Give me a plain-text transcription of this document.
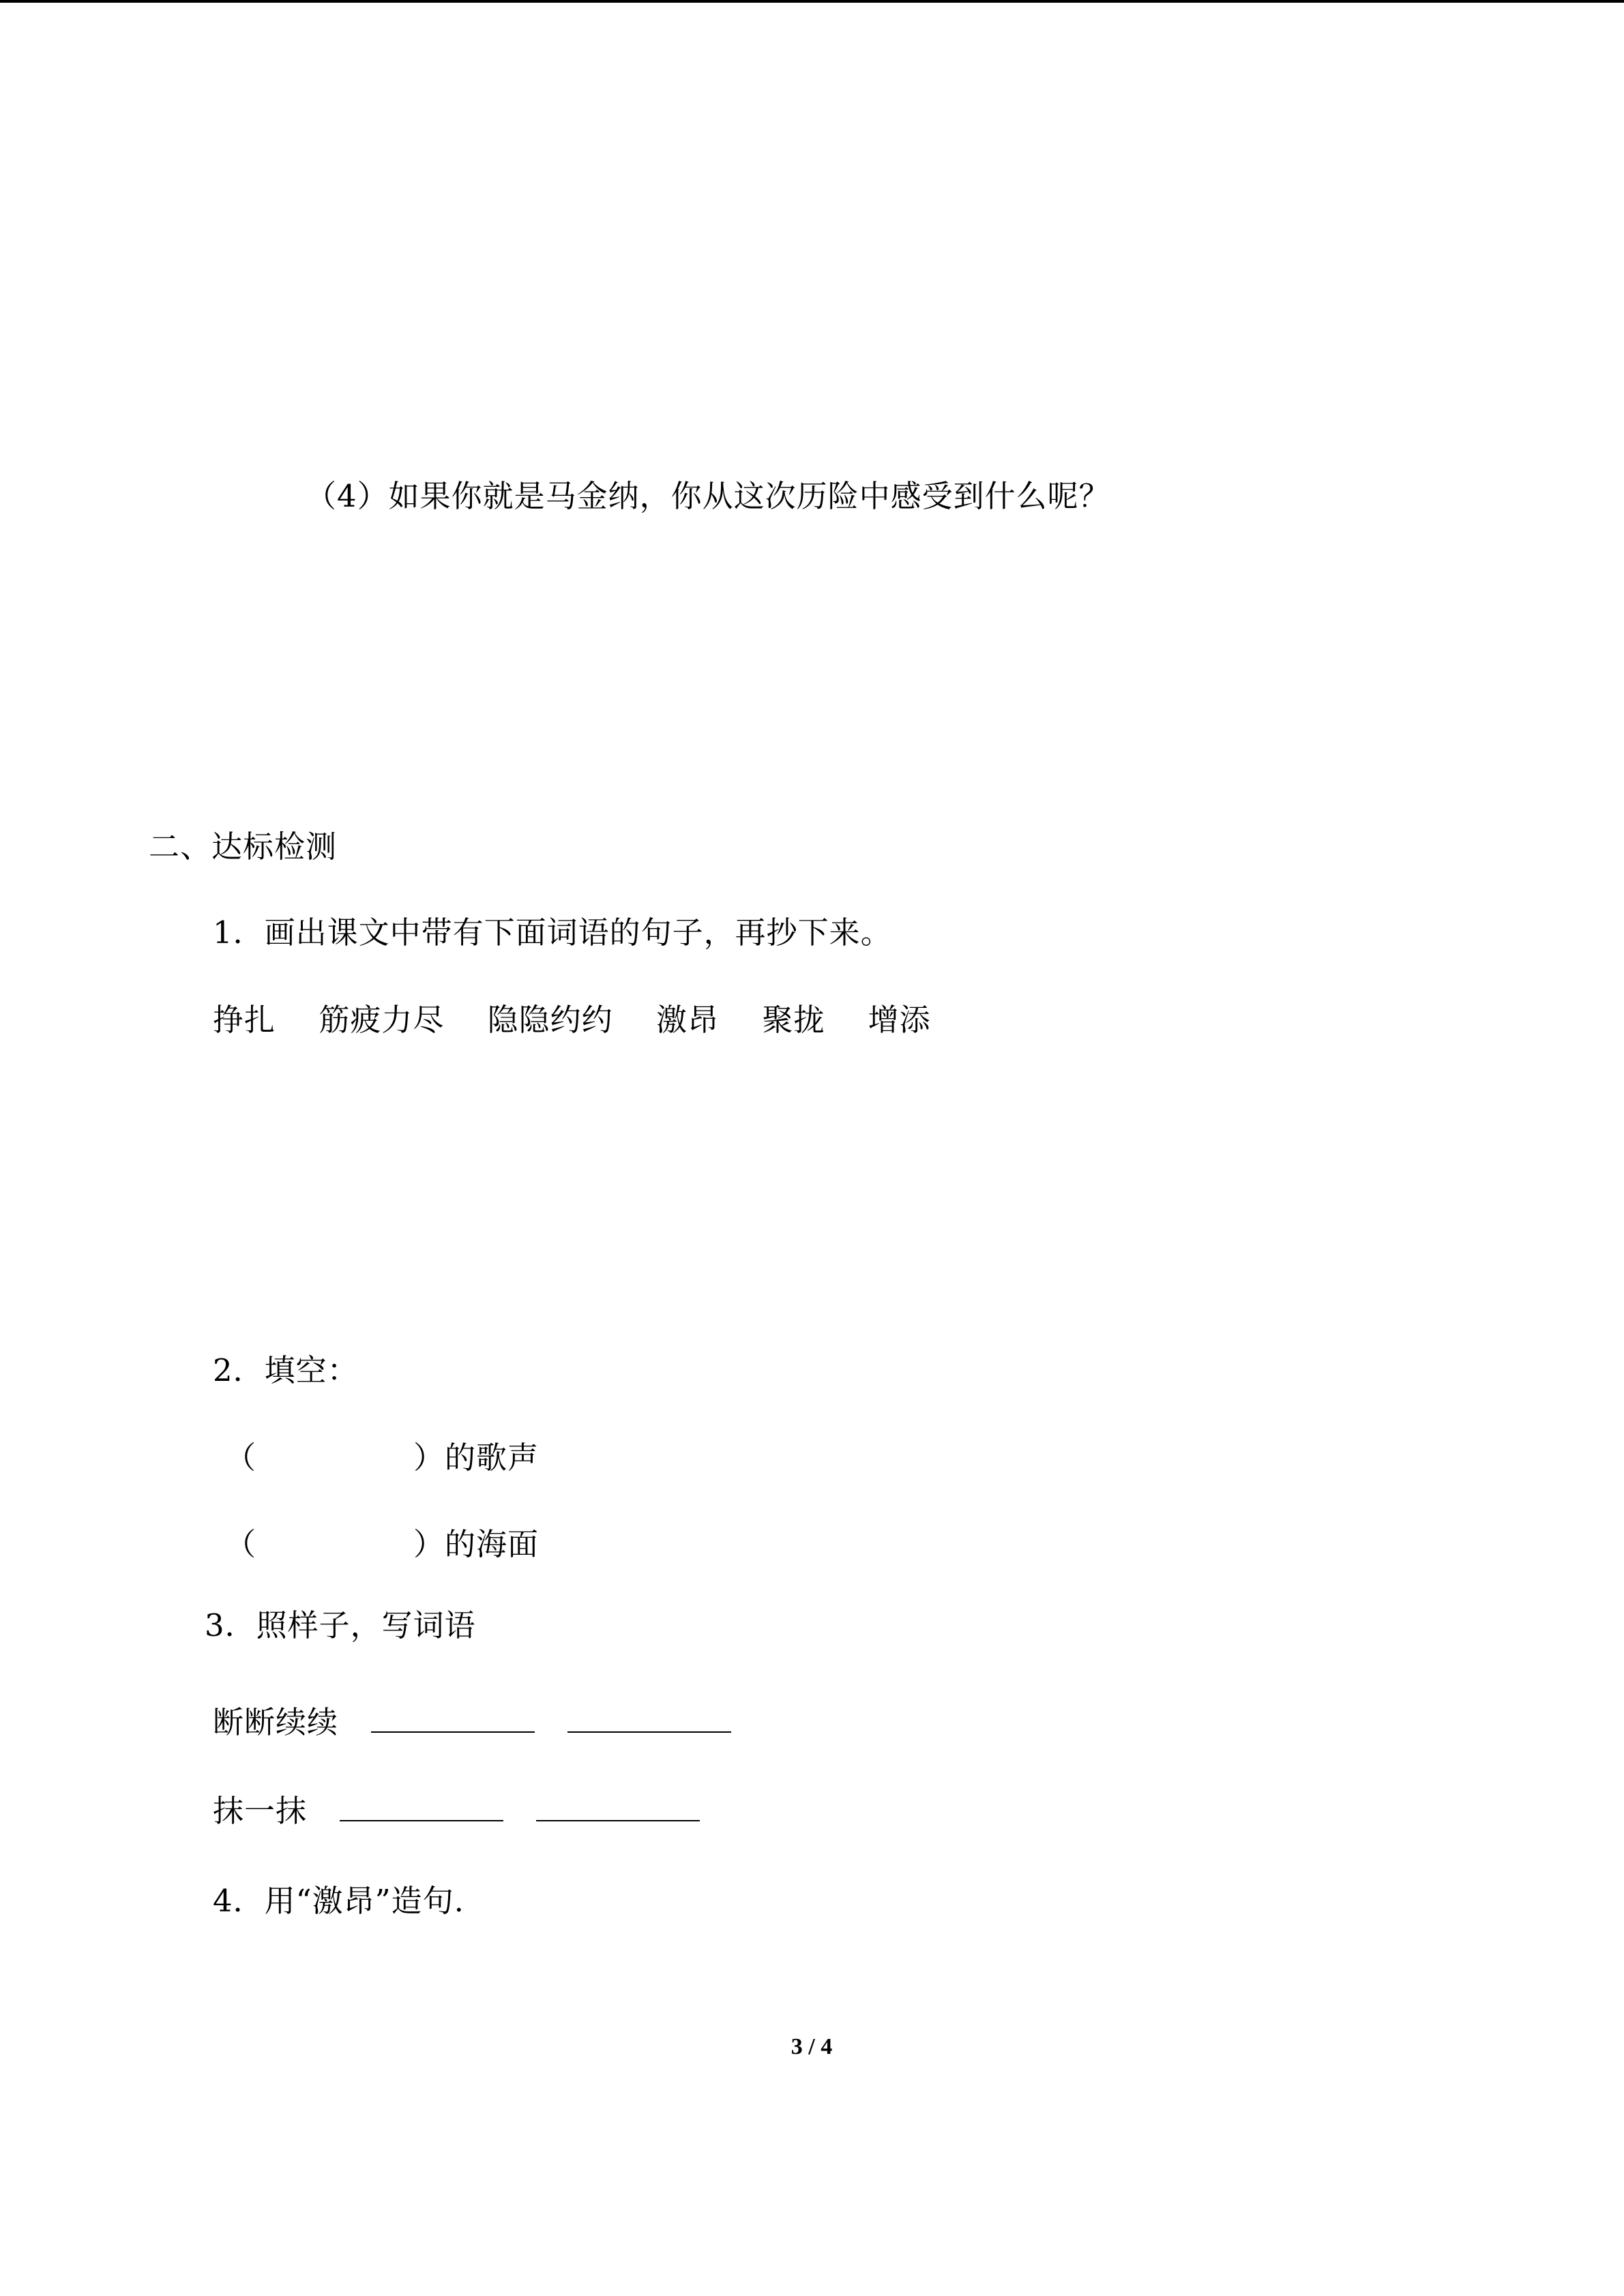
（4）如果你就是马金纳，你从这次历险中感受到什么呢？
二、达标检测
1．画出课文中带有下面词语的句子，再抄下来。
挣扎 筋疲力尽 隐隐约约 激昂 聚拢 增添
2．填空：
（	）的歌声
（	）的海面
3．照样子，写词语
断断续续
抹一抹
4．用“激昂”造句.
3 / 4
